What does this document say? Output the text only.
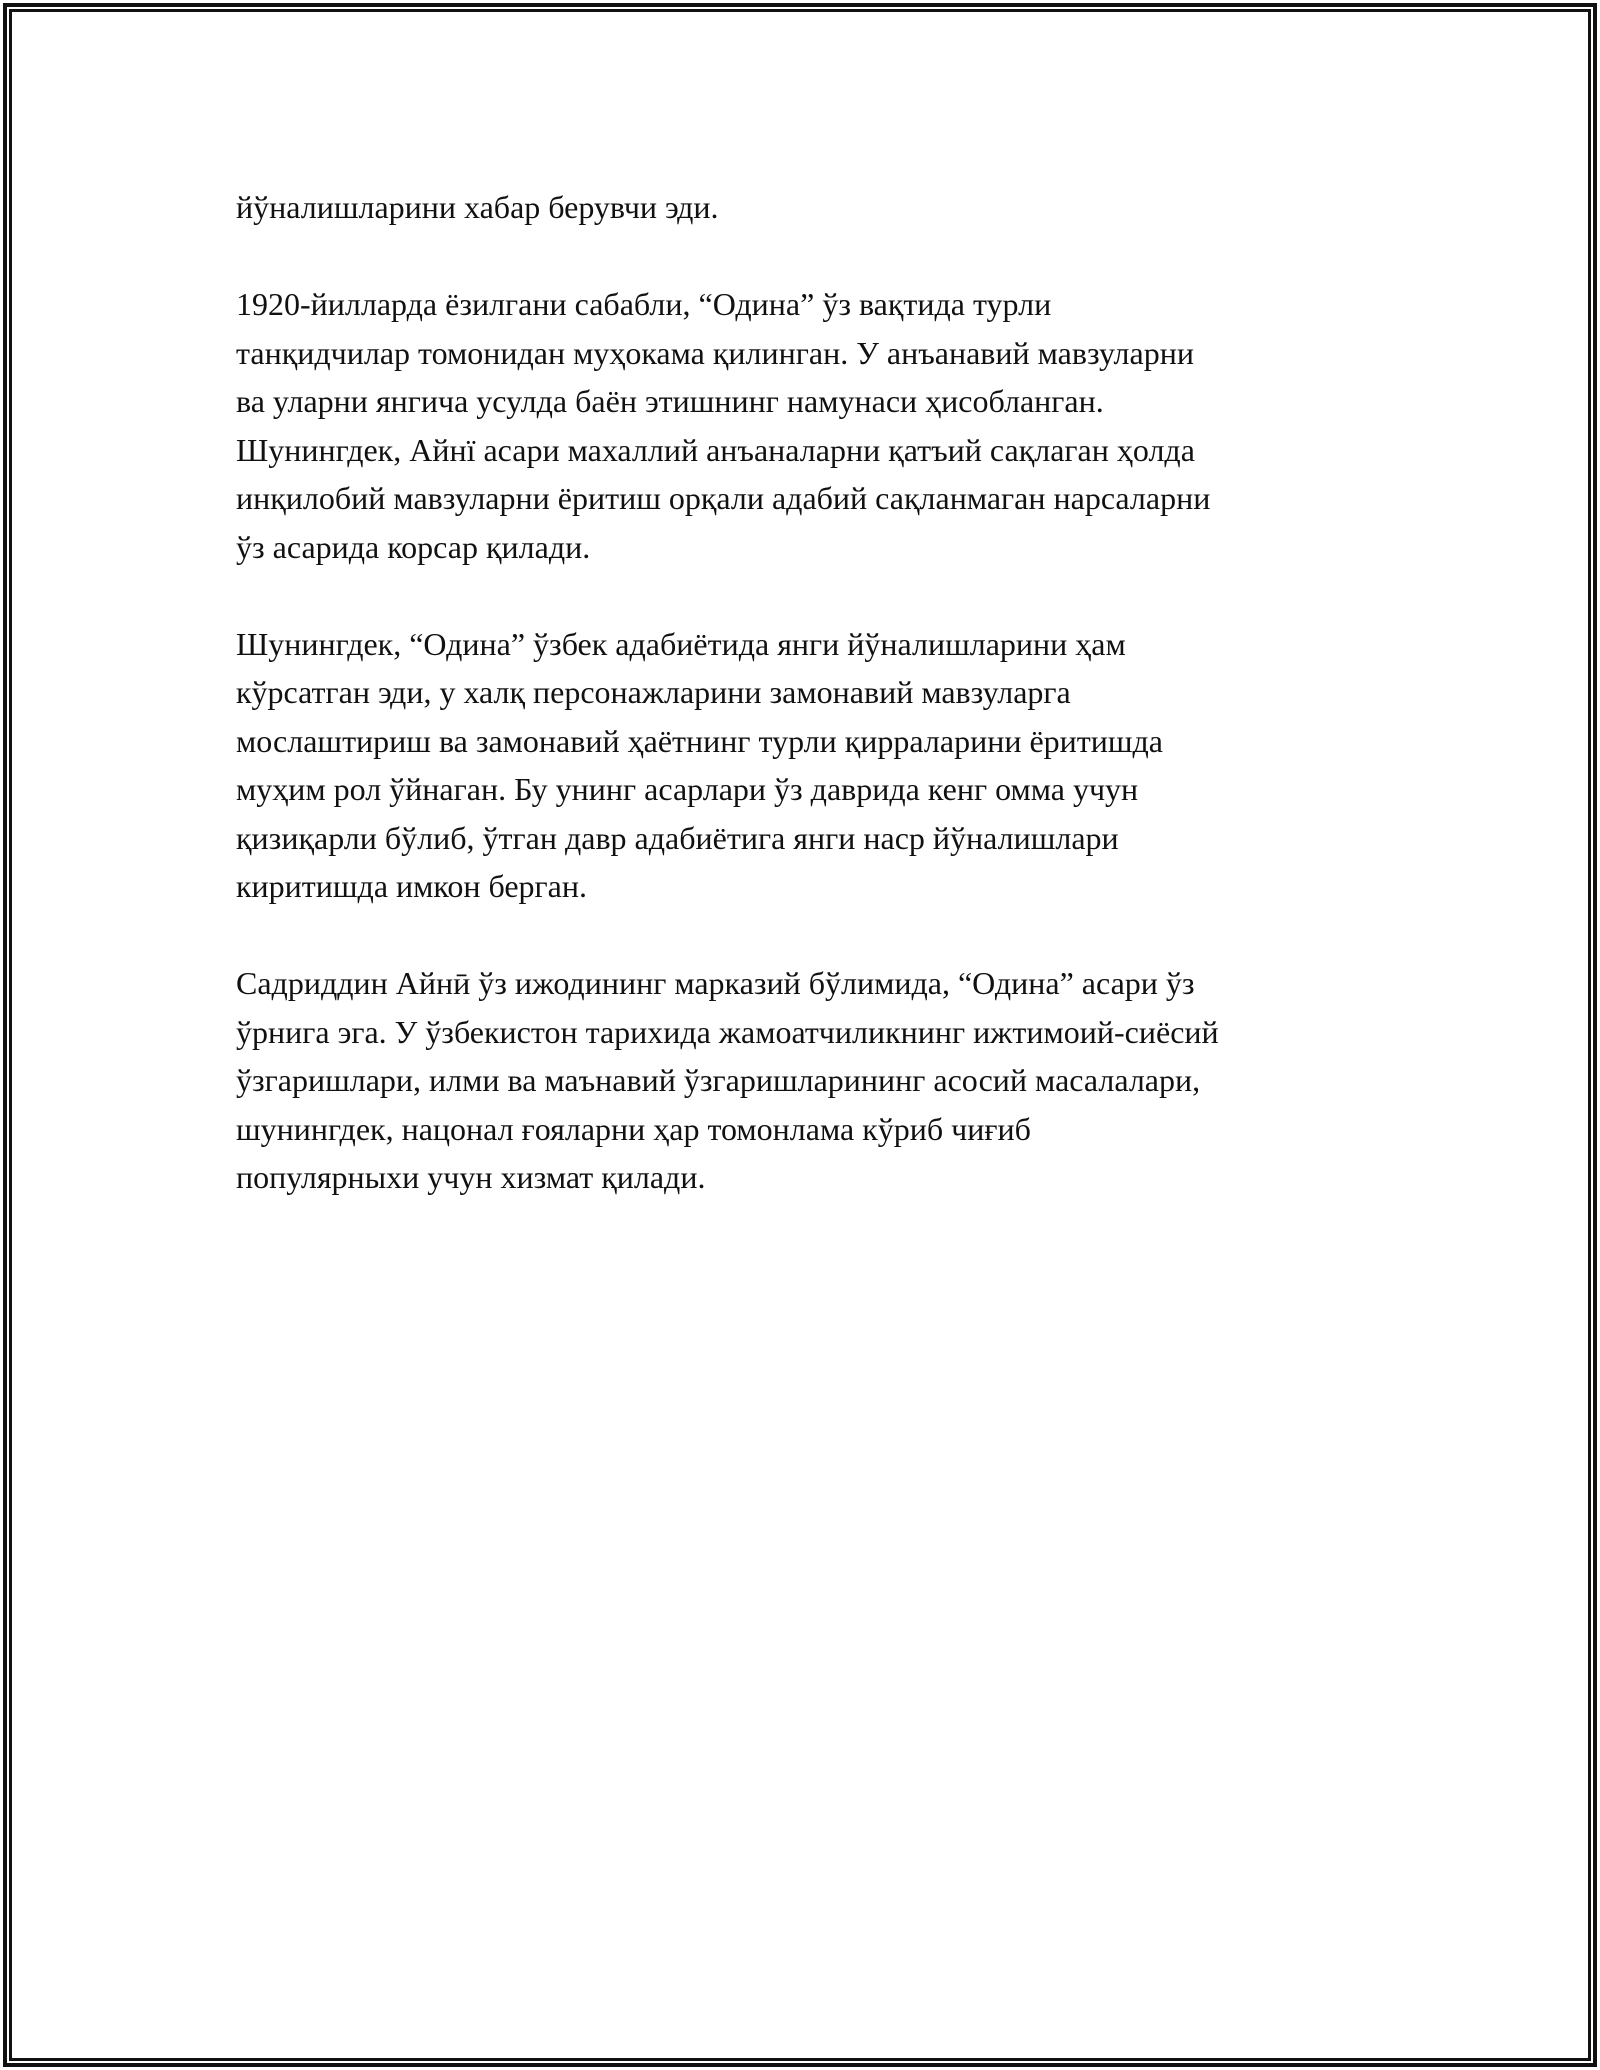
йўналишларини хабар берувчи эди.

1920-йилларда ёзилгани сабабли, “Одина” ўз вақтида турли
танқидчилар томонидан муҳокама қилинган. У анъанавий мавзуларни
ва уларни янгича усулда баён этишнинг намунаси ҳисобланган.
Шунингдек, Айнї асари махаллий анъаналарни қатъий сақлаган ҳолда
инқилобий мавзуларни ёритиш орқали адабий сақланмаган нарсаларни
ўз асарида корсар қилади.

Шунингдек, “Одина” ўзбек адабиётида янги йўналишларини ҳам
кўрсатган эди, у халқ персонажларини замонавий мавзуларга
мослаштириш ва замонавий ҳаётнинг турли қирраларини ёритишда
муҳим рол ўйнаган. Бу унинг асарлари ўз даврида кенг омма учун
қизиқарли бўлиб, ўтган давр адабиётига янги наср йўналишлари
киритишда имкон берган.

Садриддин Айнӣ ўз ижодининг марказий бўлимида, “Одина” асари ўз
ўрнига эга. У ўзбекистон тарихида жамоатчиликнинг ижтимоий-сиёсий
ўзгаришлари, илми ва маънавий ўзгаришларининг асосий масалалари,
шунингдек, нацонал ғояларни ҳар томонлама кўриб чиғиб
популярныхи учун хизмат қилади.
